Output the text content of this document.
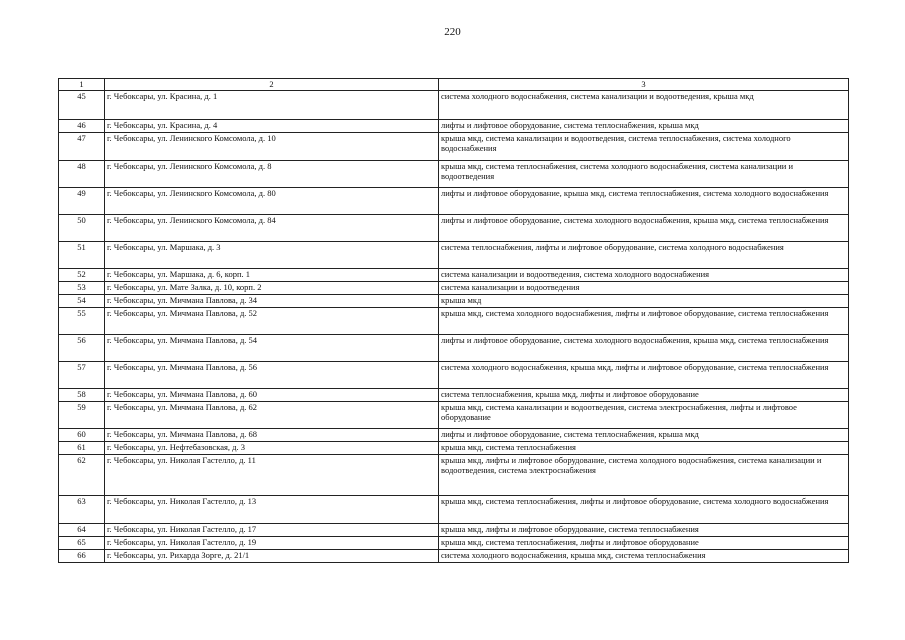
220
1	2	3
45	г. Чебоксары, ул. Красина, д. 1	система холодного водоснабжения, система канализации и водоотведения, крыша мкд
46	г. Чебоксары, ул. Красина, д. 4	лифты и лифтовое оборудование, система теплоснабжения, крыша мкд
47	г. Чебоксары, ул. Ленинского Комсомола, д. 10	крыша мкд, система канализации и водоотведения, система теплоснабжения, система холодного водоснабжения
48	г. Чебоксары, ул. Ленинского Комсомола, д. 8	крыша мкд, система теплоснабжения, система холодного водоснабжения, система канализации и водоотведения
49	г. Чебоксары, ул. Ленинского Комсомола, д. 80	лифты и лифтовое оборудование, крыша мкд, система теплоснабжения, система холодного водоснабжения
50	г. Чебоксары, ул. Ленинского Комсомола, д. 84	лифты и лифтовое оборудование, система холодного водоснабжения, крыша мкд, система теплоснабжения
51	г. Чебоксары, ул. Маршака, д. 3	система теплоснабжения, лифты и лифтовое оборудование, система холодного водоснабжения
52	г. Чебоксары, ул. Маршака, д. 6, корп. 1	система канализации и водоотведения, система холодного водоснабжения
53	г. Чебоксары, ул. Мате Залка, д. 10, корп. 2	система канализации и водоотведения
54	г. Чебоксары, ул. Мичмана Павлова, д. 34	крыша мкд
55	г. Чебоксары, ул. Мичмана Павлова, д. 52	крыша мкд, система холодного водоснабжения, лифты и лифтовое оборудование, система теплоснабжения
56	г. Чебоксары, ул. Мичмана Павлова, д. 54	лифты и лифтовое оборудование, система холодного водоснабжения, крыша мкд, система теплоснабжения
57	г. Чебоксары, ул. Мичмана Павлова, д. 56	система холодного водоснабжения, крыша мкд, лифты и лифтовое оборудование, система теплоснабжения
58	г. Чебоксары, ул. Мичмана Павлова, д. 60	система теплоснабжения, крыша мкд, лифты и лифтовое оборудование
59	г. Чебоксары, ул. Мичмана Павлова, д. 62	крыша мкд, система канализации и водоотведения, система электроснабжения, лифты и лифтовое оборудование
60	г. Чебоксары, ул. Мичмана Павлова, д. 68	лифты и лифтовое оборудование, система теплоснабжения, крыша мкд
61	г. Чебоксары, ул. Нефтебазовская, д. 3	крыша мкд, система теплоснабжения
62	г. Чебоксары, ул. Николая Гастелло, д. 11	крыша мкд, лифты и лифтовое оборудование, система холодного водоснабжения, система канализации и водоотведения, система электроснабжения
63	г. Чебоксары, ул. Николая Гастелло, д. 13	крыша мкд, система теплоснабжения, лифты и лифтовое оборудование, система холодного водоснабжения
64	г. Чебоксары, ул. Николая Гастелло, д. 17	крыша мкд, лифты и лифтовое оборудование, система теплоснабжения
65	г. Чебоксары, ул. Николая Гастелло, д. 19	крыша мкд, система теплоснабжения, лифты и лифтовое оборудование
66	г. Чебоксары, ул. Рихарда Зорге, д. 21/1	система холодного водоснабжения, крыша мкд, система теплоснабжения
